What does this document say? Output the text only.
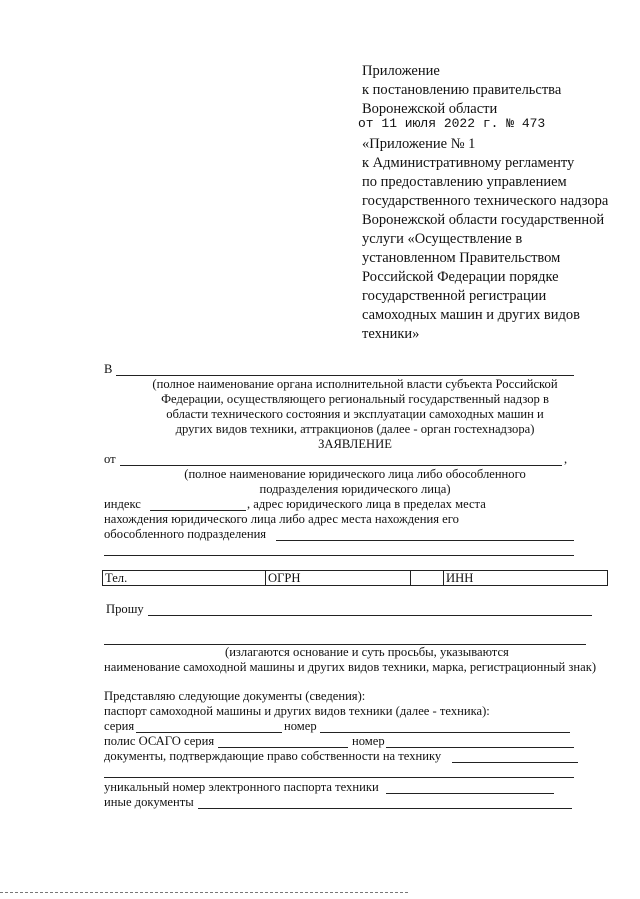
Приложение
к постановлению правительства
Воронежской области
от 11 июля 2022 г. № 473
«Приложение № 1
к Административному регламенту
по предоставлению управлением
государственного технического надзора
Воронежской области государственной
услуги «Осуществление в
установленном Правительством
Российской Федерации порядке
государственной регистрации
самоходных машин и других видов
техники»
В
(полное наименование органа исполнительной власти субъекта Российской
Федерации, осуществляющего региональный государственный надзор в
области технического состояния и эксплуатации самоходных машин и
других видов техники, аттракционов (далее - орган гостехнадзора)
ЗАЯВЛЕНИЕ
от	,
(полное наименование юридического лица либо обособленного
подразделения юридического лица)
индекс	, адрес юридического лица в пределах места
нахождения юридического лица либо адрес места нахождения его
обособленного подразделения
Тел.	ОГРН		ИНН
Прошу
(излагаются основание и суть просьбы, указываются
наименование самоходной машины и других видов техники, марка, регистрационный знак)
Представляю следующие документы (сведения):
паспорт самоходной машины и других видов техники (далее - техника):
серия	номер
полис ОСАГО серия	номер
документы, подтверждающие право собственности на технику
уникальный номер электронного паспорта техники
иные документы
